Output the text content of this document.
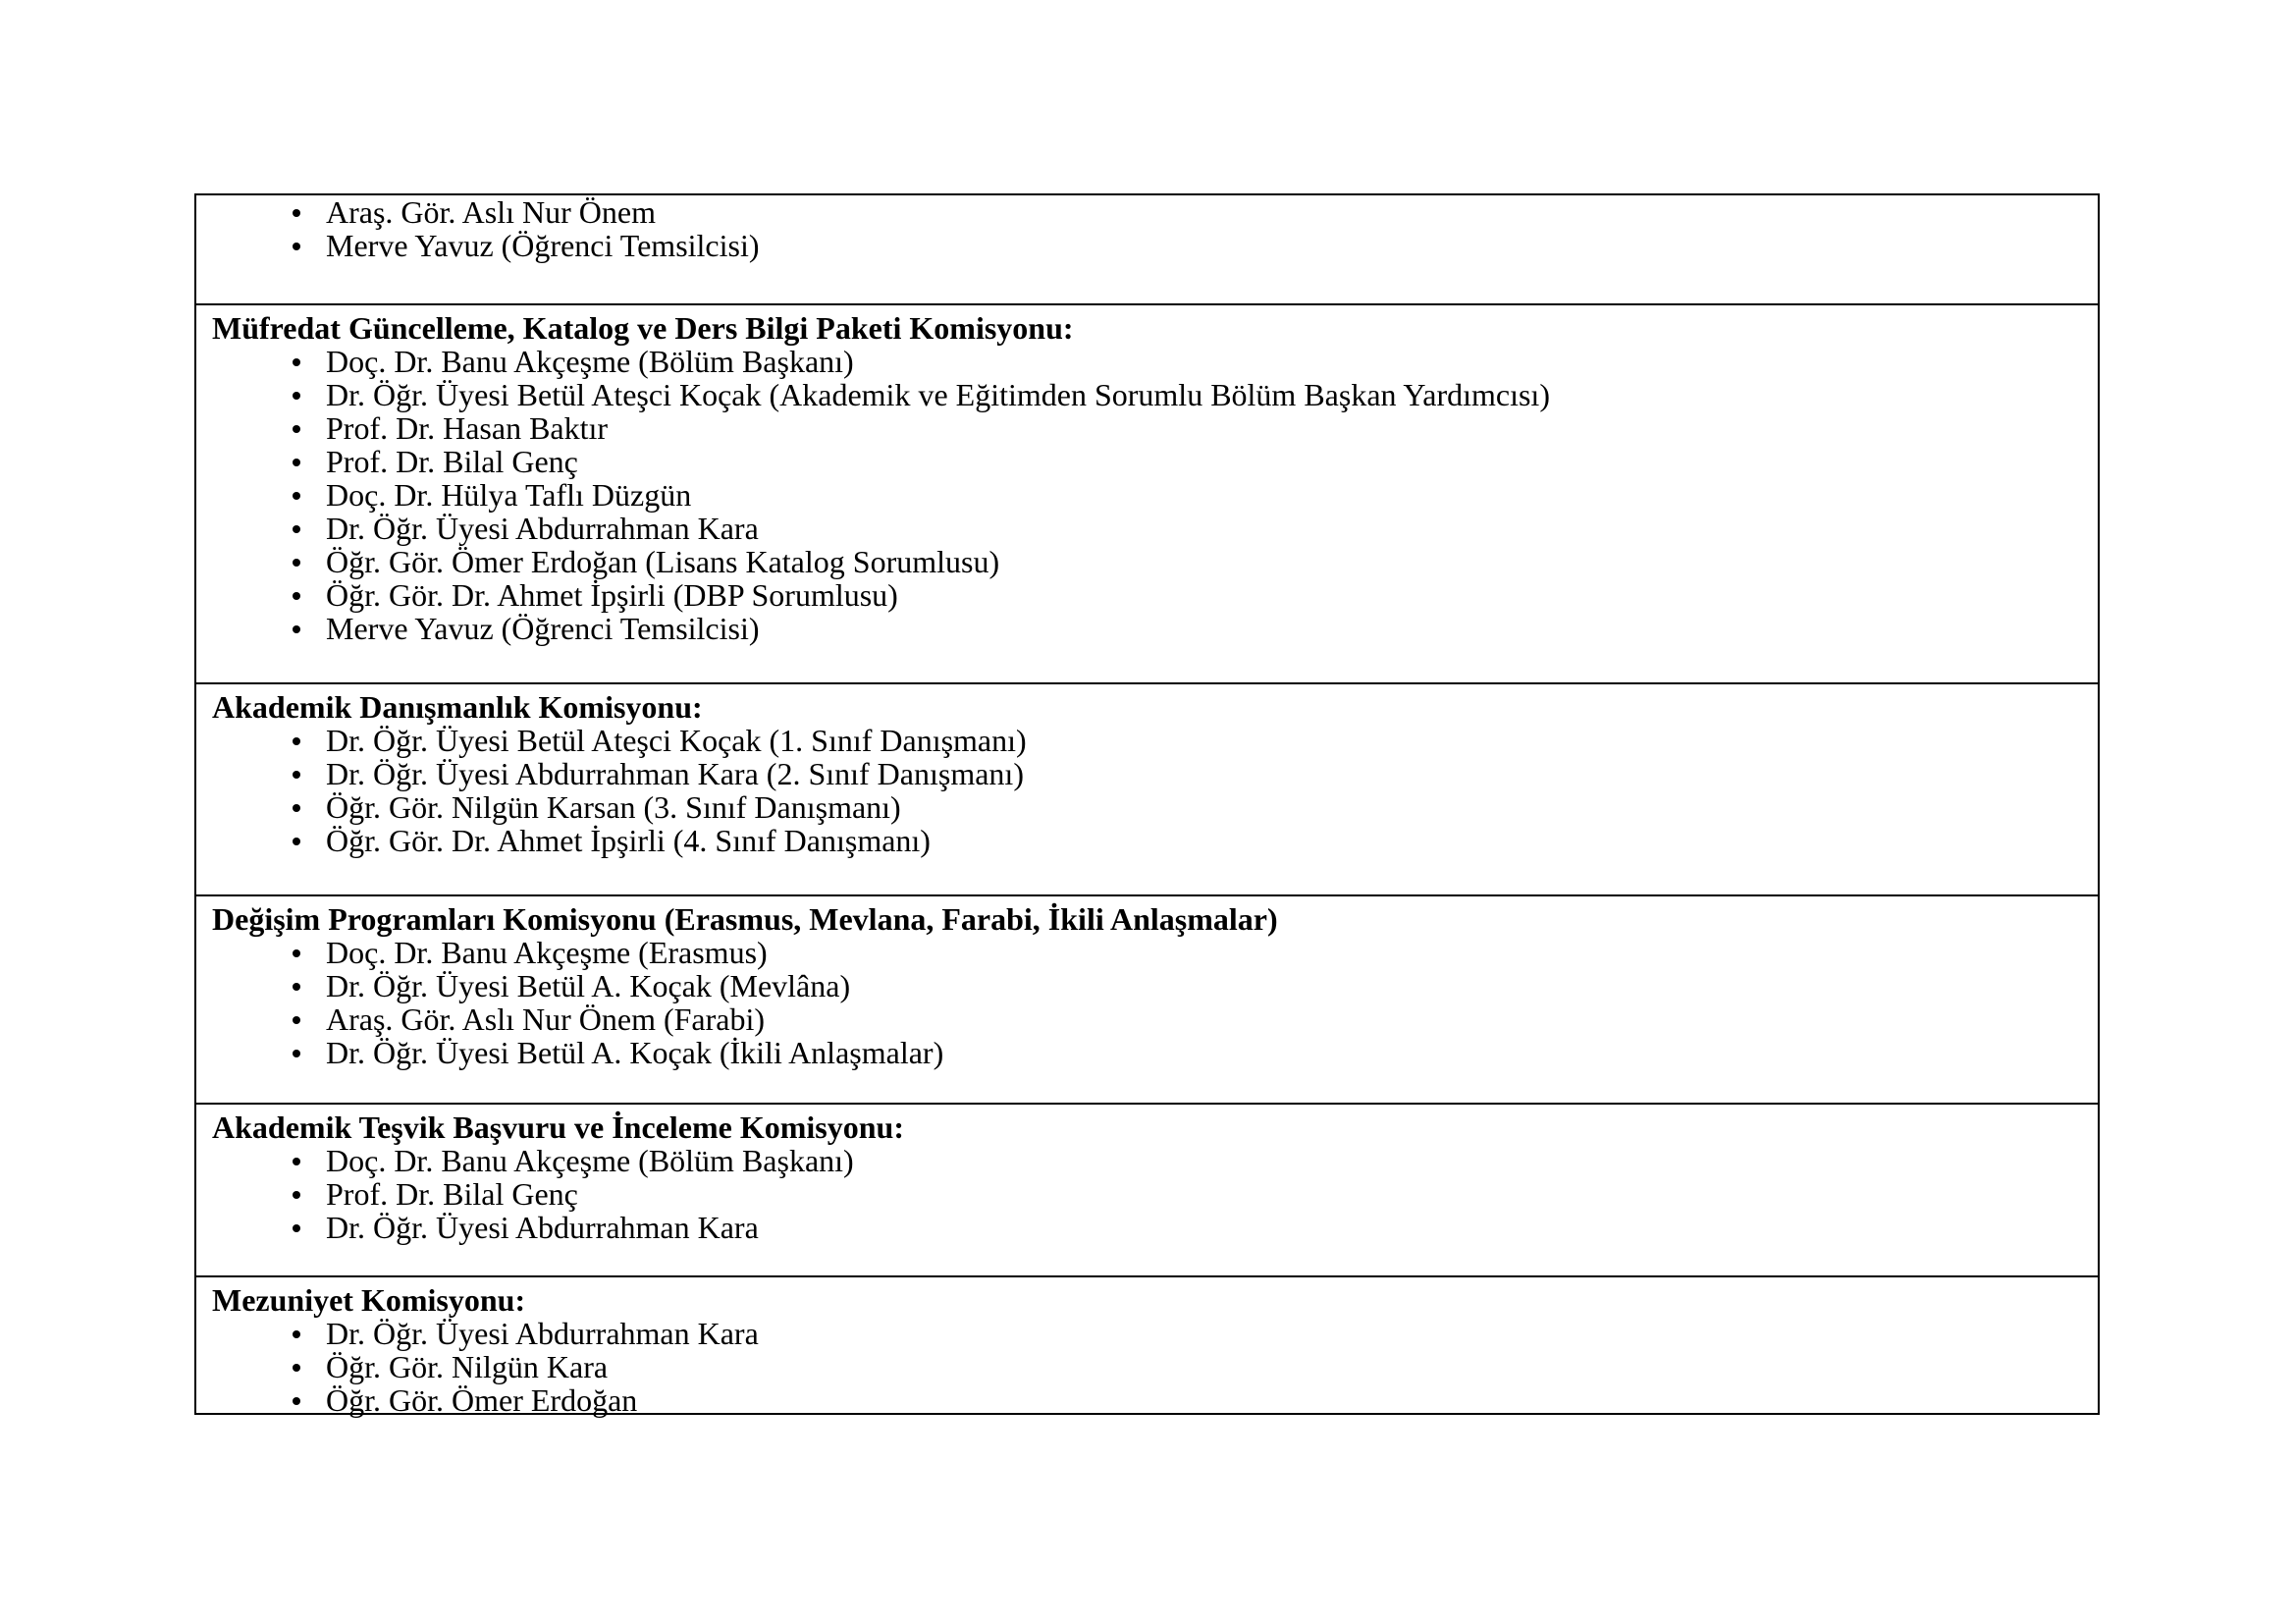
Araş. Gör. Aslı Nur Önem
Merve Yavuz (Öğrenci Temsilcisi)
Müfredat Güncelleme, Katalog ve Ders Bilgi Paketi Komisyonu:
Doç. Dr. Banu Akçeşme (Bölüm Başkanı)
Dr. Öğr. Üyesi Betül Ateşci Koçak (Akademik ve Eğitimden Sorumlu Bölüm Başkan Yardımcısı)
Prof. Dr. Hasan Baktır
Prof. Dr. Bilal Genç
Doç. Dr. Hülya Taflı Düzgün
Dr. Öğr. Üyesi Abdurrahman Kara
Öğr. Gör. Ömer Erdoğan (Lisans Katalog Sorumlusu)
Öğr. Gör. Dr. Ahmet İpşirli (DBP Sorumlusu)
Merve Yavuz (Öğrenci Temsilcisi)
Akademik Danışmanlık Komisyonu:
Dr. Öğr. Üyesi Betül Ateşci Koçak (1. Sınıf Danışmanı)
Dr. Öğr. Üyesi Abdurrahman Kara (2. Sınıf Danışmanı)
Öğr. Gör. Nilgün Karsan (3. Sınıf Danışmanı)
Öğr. Gör. Dr. Ahmet İpşirli (4. Sınıf Danışmanı)
Değişim Programları Komisyonu (Erasmus, Mevlana, Farabi, İkili Anlaşmalar)
Doç. Dr. Banu Akçeşme (Erasmus)
Dr. Öğr. Üyesi Betül A. Koçak (Mevlâna)
Araş. Gör. Aslı Nur Önem (Farabi)
Dr. Öğr. Üyesi Betül A. Koçak (İkili Anlaşmalar)
Akademik Teşvik Başvuru ve İnceleme Komisyonu:
Doç. Dr. Banu Akçeşme (Bölüm Başkanı)
Prof. Dr. Bilal Genç
Dr. Öğr. Üyesi Abdurrahman Kara
Mezuniyet Komisyonu:
Dr. Öğr. Üyesi Abdurrahman Kara
Öğr. Gör. Nilgün Kara
Öğr. Gör. Ömer Erdoğan
